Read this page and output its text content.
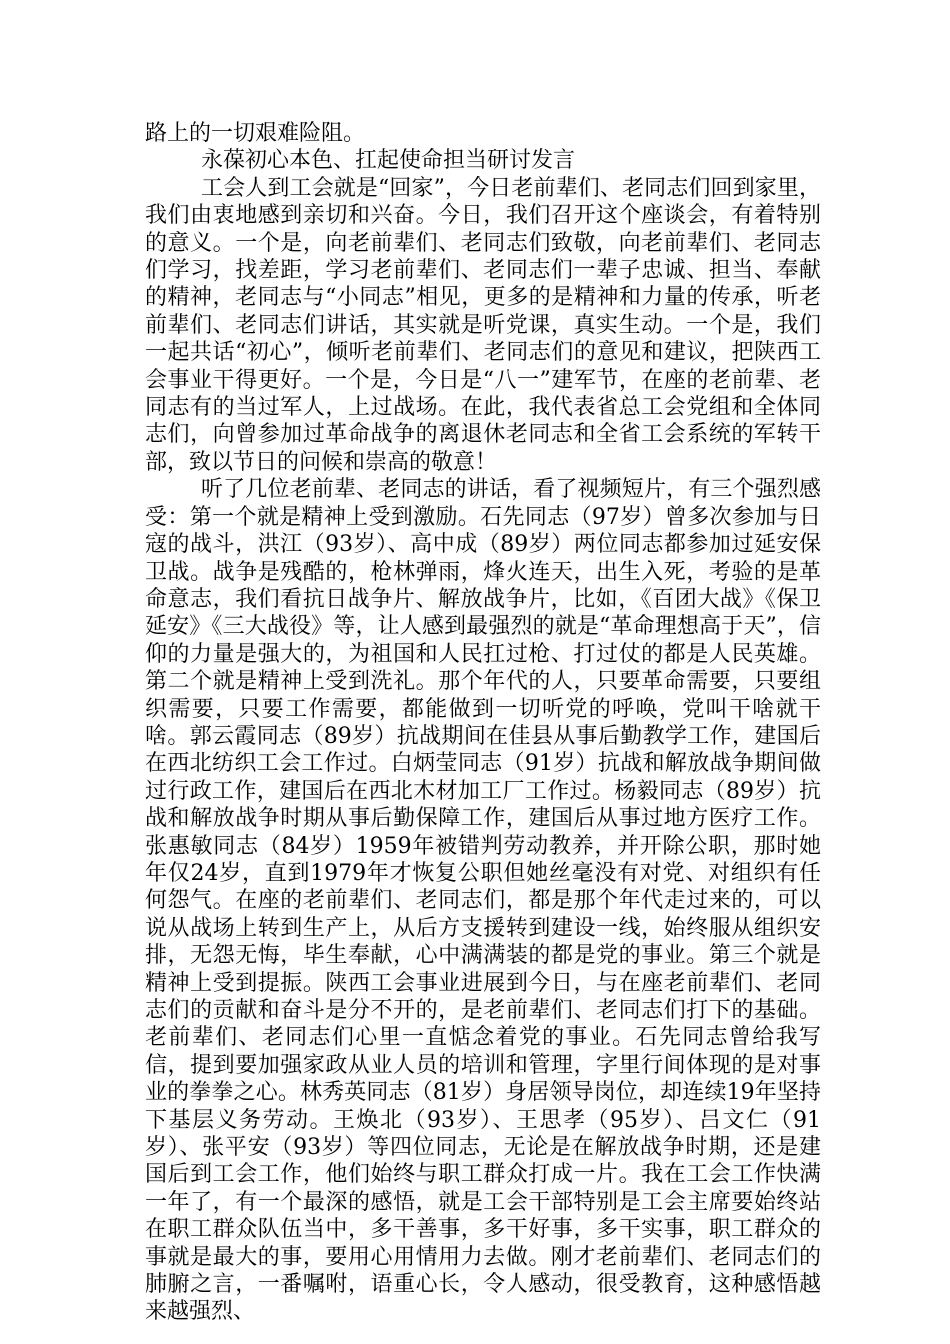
路上的一切艰难险阻。

永葆初心本色、扛起使命担当研讨发言

工会人到工会就是“回家”，今日老前辈们、老同志们回到家里，我们由衷地感到亲切和兴奋。今日，我们召开这个座谈会，有着特别的意义。一个是，向老前辈们、老同志们致敬，向老前辈们、老同志们学习，找差距，学习老前辈们、老同志们一辈子忠诚、担当、奉献的精神，老同志与“小同志”相见，更多的是精神和力量的传承，听老前辈们、老同志们讲话，其实就是听党课，真实生动。一个是，我们一起共话“初心”，倾听老前辈们、老同志们的意见和建议，把陕西工会事业干得更好。一个是，今日是“八一”建军节，在座的老前辈、老同志有的当过军人，上过战场。在此，我代表省总工会党组和全体同志们，向曾参加过革命战争的离退休老同志和全省工会系统的军转干部，致以节日的问候和崇高的敬意！

听了几位老前辈、老同志的讲话，看了视频短片，有三个强烈感受：第一个就是精神上受到激励。石先同志（97岁）曾多次参加与日寇的战斗，洪江（93岁）、高中成（89岁）两位同志都参加过延安保卫战。战争是残酷的，枪林弹雨，烽火连天，出生入死，考验的是革命意志，我们看抗日战争片、解放战争片，比如，《百团大战》《保卫延安》《三大战役》等，让人感到最强烈的就是“革命理想高于天”，信仰的力量是强大的，为祖国和人民扛过枪、打过仗的都是人民英雄。第二个就是精神上受到洗礼。那个年代的人，只要革命需要，只要组织需要，只要工作需要，都能做到一切听党的呼唤，党叫干啥就干啥。郭云霞同志（89岁）抗战期间在佳县从事后勤教学工作，建国后在西北纺织工会工作过。白炳莹同志（91岁）抗战和解放战争期间做过行政工作，建国后在西北木材加工厂工作过。杨毅同志（89岁）抗战和解放战争时期从事后勤保障工作，建国后从事过地方医疗工作。张惠敏同志（84岁）1959年被错判劳动教养，并开除公职，那时她年仅24岁，直到1979年才恢复公职但她丝毫没有对党、对组织有任何怨气。在座的老前辈们、老同志们，都是那个年代走过来的，可以说从战场上转到生产上，从后方支援转到建设一线，始终服从组织安排，无怨无悔，毕生奉献，心中满满装的都是党的事业。第三个就是精神上受到提振。陕西工会事业进展到今日，与在座老前辈们、老同志们的贡献和奋斗是分不开的，是老前辈们、老同志们打下的基础。老前辈们、老同志们心里一直惦念着党的事业。石先同志曾给我写信，提到要加强家政从业人员的培训和管理，字里行间体现的是对事业的拳拳之心。林秀英同志（81岁）身居领导岗位，却连续19年坚持下基层义务劳动。王焕北（93岁）、王思孝（95岁）、吕文仁（91岁）、张平安（93岁）等四位同志，无论是在解放战争时期，还是建国后到工会工作，他们始终与职工群众打成一片。我在工会工作快满一年了，有一个最深的感悟，就是工会干部特别是工会主席要始终站在职工群众队伍当中，多干善事，多干好事，多干实事，职工群众的事就是最大的事，要用心用情用力去做。刚才老前辈们、老同志们的肺腑之言，一番嘱咐，语重心长，令人感动，很受教育，这种感悟越来越强烈、
